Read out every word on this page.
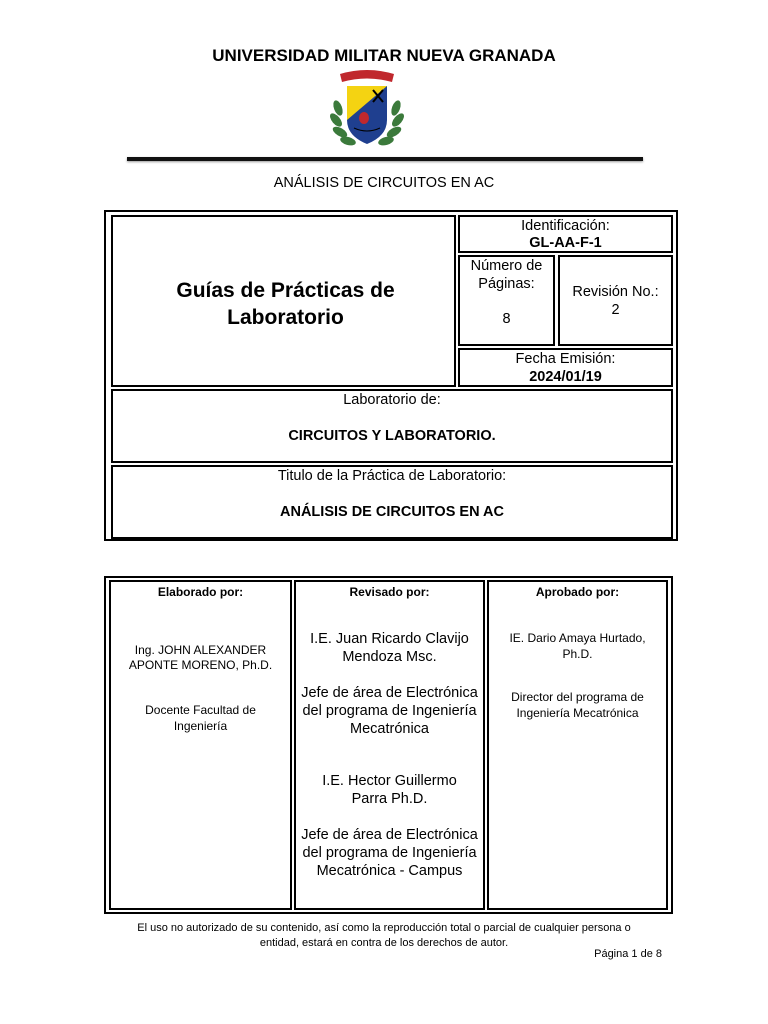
UNIVERSIDAD MILITAR NUEVA GRANADA
ANÁLISIS DE CIRCUITOS EN AC
Guías de Prácticas de Laboratorio
Identificación:
GL-AA-F-1
Número de Páginas:
8
Revisión No.:
2
Fecha Emisión:
2024/01/19
Laboratorio de:
CIRCUITOS Y LABORATORIO.
Titulo de la Práctica de Laboratorio:
ANÁLISIS DE CIRCUITOS EN AC
Elaborado por:
Ing. JOHN ALEXANDER APONTE MORENO, Ph.D.
Docente Facultad de Ingeniería
Revisado por:
I.E. Juan Ricardo Clavijo Mendoza Msc.
Jefe de área de Electrónica del programa de Ingeniería Mecatrónica
I.E. Hector Guillermo Parra Ph.D.
Jefe de área de Electrónica del programa de Ingeniería Mecatrónica - Campus
Aprobado por:
IE. Dario Amaya Hurtado, Ph.D.
Director del programa de Ingeniería Mecatrónica
El uso no autorizado de su contenido, así como la reproducción total o parcial de cualquier persona o entidad, estará en contra de los derechos de autor.
Página 1 de 8
